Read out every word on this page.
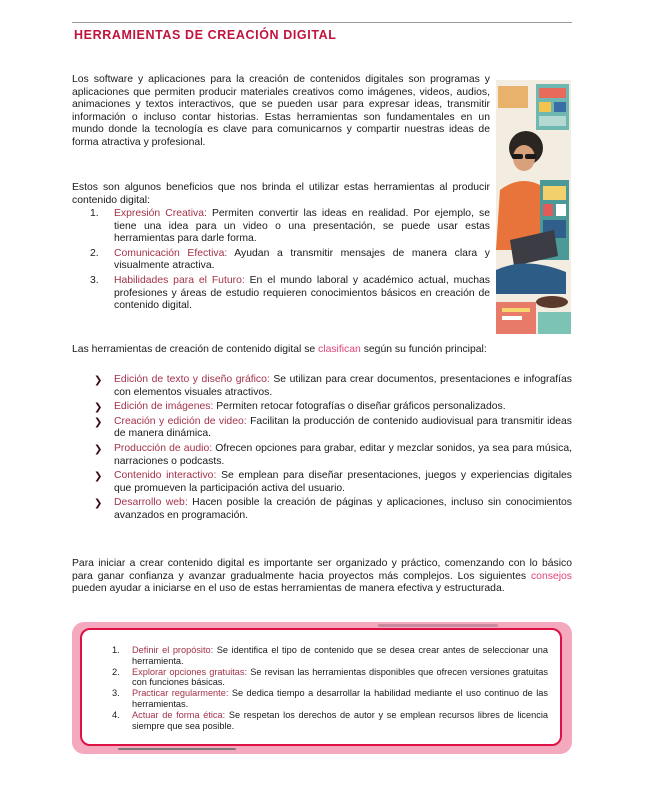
HERRAMIENTAS DE CREACIÓN DIGITAL

Los software y aplicaciones para la creación de contenidos digitales son programas y aplicaciones que permiten producir materiales creativos como imágenes, videos, audios, animaciones y textos interactivos, que se pueden usar para expresar ideas, transmitir información o incluso contar historias. Estas herramientas son fundamentales en un mundo donde la tecnología es clave para comunicarnos y compartir nuestras ideas de forma atractiva y profesional.

Estos son algunos beneficios que nos brinda el utilizar estas herramientas al producir contenido digital:

1. Expresión Creativa: Permiten convertir las ideas en realidad. Por ejemplo, se tiene una idea para un video o una presentación, se puede usar estas herramientas para darle forma.
2. Comunicación Efectiva: Ayudan a transmitir mensajes de manera clara y visualmente atractiva.
3. Habilidades para el Futuro: En el mundo laboral y académico actual, muchas profesiones y áreas de estudio requieren conocimientos básicos en creación de contenido digital.

Las herramientas de creación de contenido digital se clasifican según su función principal:

❯ Edición de texto y diseño gráfico: Se utilizan para crear documentos, presentaciones e infografías con elementos visuales atractivos.
❯ Edición de imágenes: Permiten retocar fotografías o diseñar gráficos personalizados.
❯ Creación y edición de video: Facilitan la producción de contenido audiovisual para transmitir ideas de manera dinámica.
❯ Producción de audio: Ofrecen opciones para grabar, editar y mezclar sonidos, ya sea para música, narraciones o podcasts.
❯ Contenido interactivo: Se emplean para diseñar presentaciones, juegos y experiencias digitales que promueven la participación activa del usuario.
❯ Desarrollo web: Hacen posible la creación de páginas y aplicaciones, incluso sin conocimientos avanzados en programación.

Para iniciar a crear contenido digital es importante ser organizado y práctico, comenzando con lo básico para ganar confianza y avanzar gradualmente hacia proyectos más complejos. Los siguientes consejos pueden ayudar a iniciarse en el uso de estas herramientas de manera efectiva y estructurada.

1. Definir el propósito: Se identifica el tipo de contenido que se desea crear antes de seleccionar una herramienta.
2. Explorar opciones gratuitas: Se revisan las herramientas disponibles que ofrecen versiones gratuitas con funciones básicas.
3. Practicar regularmente: Se dedica tiempo a desarrollar la habilidad mediante el uso continuo de las herramientas.
4. Actuar de forma ética: Se respetan los derechos de autor y se emplean recursos libres de licencia siempre que sea posible.
